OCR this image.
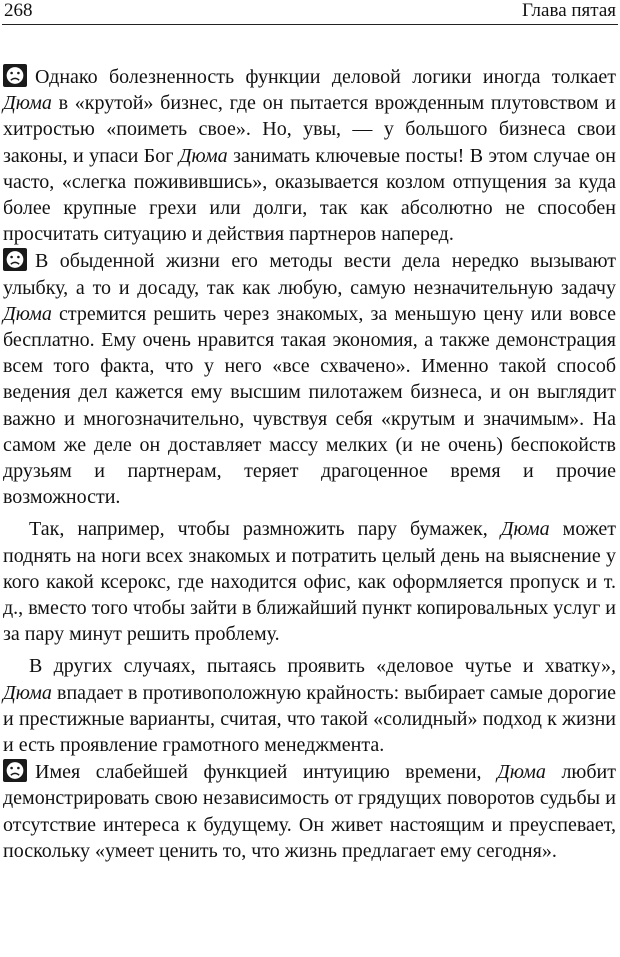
268	Глава пятая

Однако болезненность функции деловой логики иногда толкает Дюма в «крутой» бизнес, где он пытается врожденным плутовством и хитростью «поиметь свое». Но, увы, — у большого бизнеса свои законы, и упаси Бог Дюма занимать ключевые посты! В этом случае он часто, «слегка поживившись», оказывается козлом отпущения за куда более крупные грехи или долги, так как абсолютно не способен просчитать ситуацию и действия партнеров наперед.

В обыденной жизни его методы вести дела нередко вызывают улыбку, а то и досаду, так как любую, самую незначительную задачу Дюма стремится решить через знакомых, за меньшую цену или вовсе бесплатно. Ему очень нравится такая экономия, а также демонстрация всем того факта, что у него «все схвачено». Именно такой способ ведения дел кажется ему высшим пилотажем бизнеса, и он выглядит важно и многозначительно, чувствуя себя «крутым и значимым». На самом же деле он доставляет массу мелких (и не очень) беспокойств друзьям и партнерам, теряет драгоценное время и прочие возможности.

Так, например, чтобы размножить пару бумажек, Дюма может поднять на ноги всех знакомых и потратить целый день на выяснение у кого какой ксерокс, где находится офис, как оформляется пропуск и т. д., вместо того чтобы зайти в ближайший пункт копировальных услуг и за пару минут решить проблему.

В других случаях, пытаясь проявить «деловое чутье и хватку», Дюма впадает в противоположную крайность: выбирает самые дорогие и престижные варианты, считая, что такой «солидный» подход к жизни и есть проявление грамотного менеджмента.

Имея слабейшей функцией интуицию времени, Дюма любит демонстрировать свою независимость от грядущих поворотов судьбы и отсутствие интереса к будущему. Он живет настоящим и преуспевает, поскольку «умеет ценить то, что жизнь предлагает ему сегодня».
